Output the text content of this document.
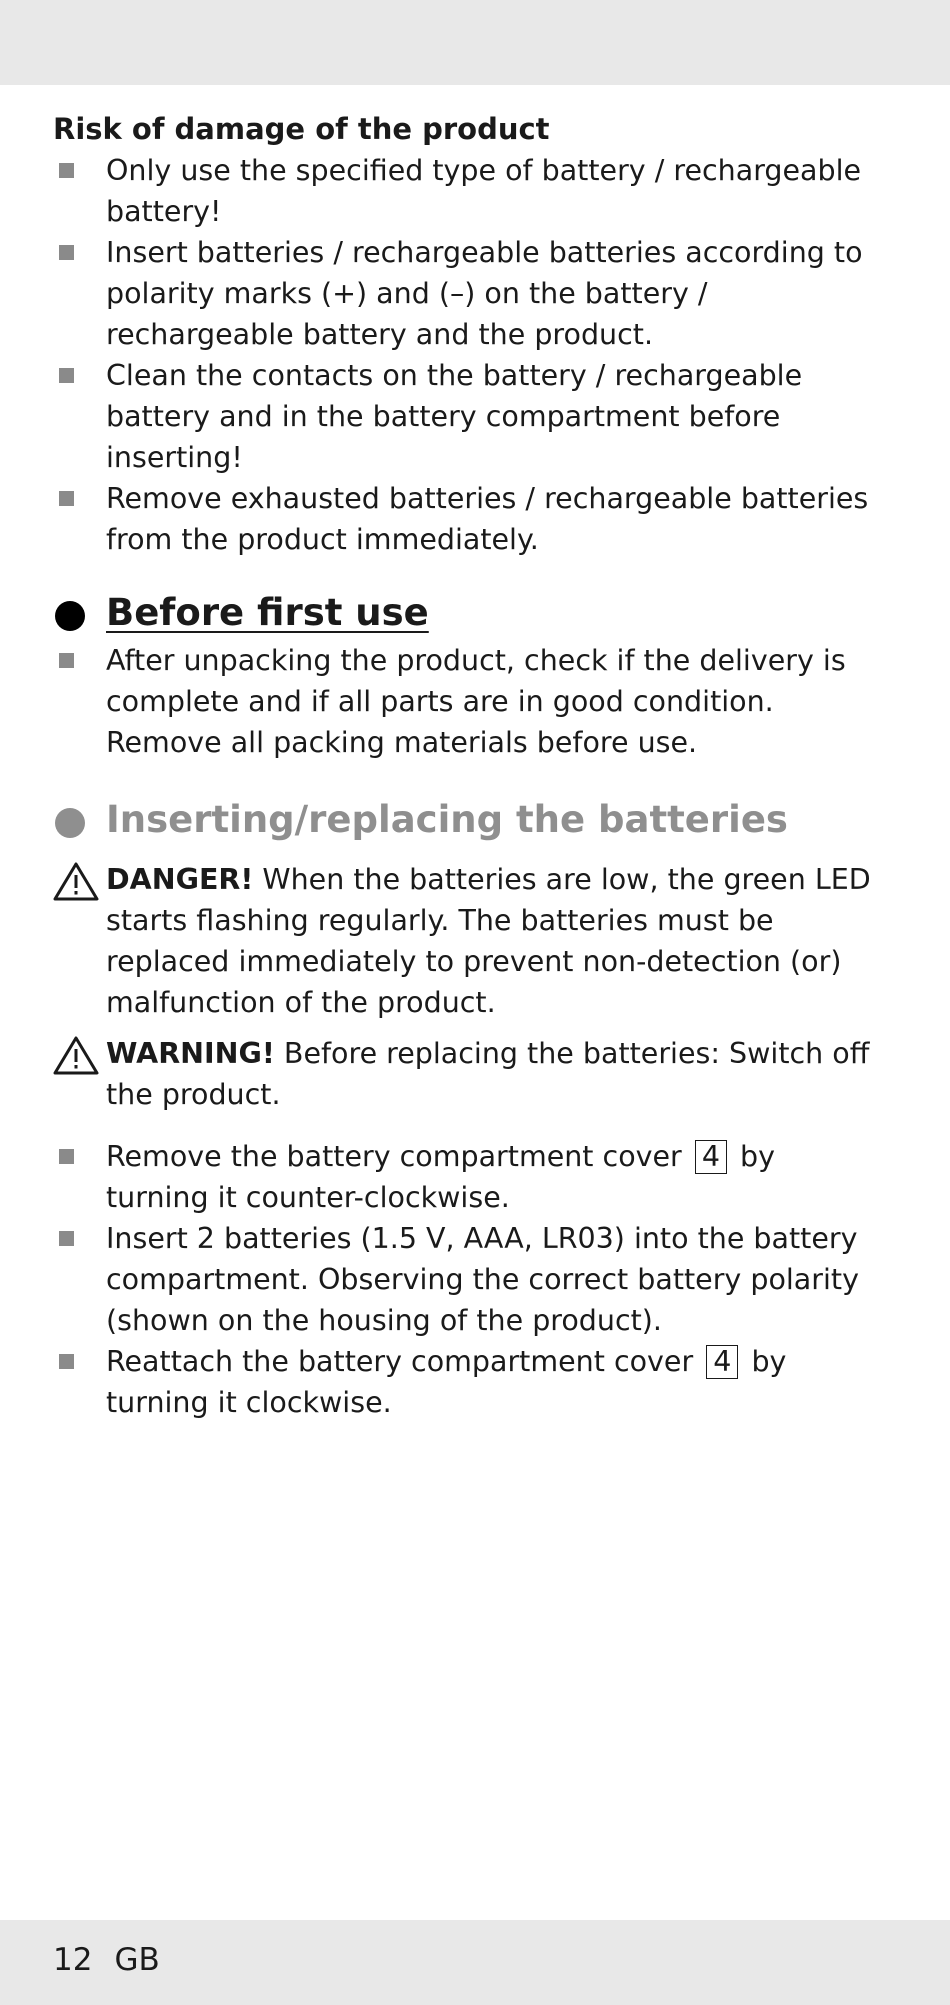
Risk of damage of the product
Only use the specified type of battery / rechargeable battery!
Insert batteries / rechargeable batteries according to polarity marks (+) and (–) on the battery / rechargeable battery and the product.
Clean the contacts on the battery / rechargeable battery and in the battery compartment before inserting!
Remove exhausted batteries / rechargeable batteries from the product immediately.
Before first use
After unpacking the product, check if the delivery is complete and if all parts are in good condition. Remove all packing materials before use.
Inserting/replacing the batteries
DANGER! When the batteries are low, the green LED starts flashing regularly. The batteries must be replaced immediately to prevent non-detection (or) malfunction of the product.
WARNING! Before replacing the batteries: Switch off the product.
Remove the battery compartment cover 4 by turning it counter-clockwise.
Insert 2 batteries (1.5 V, AAA, LR03) into the battery compartment. Observing the correct battery polarity (shown on the housing of the product).
Reattach the battery compartment cover 4 by turning it clockwise.
12 GB
